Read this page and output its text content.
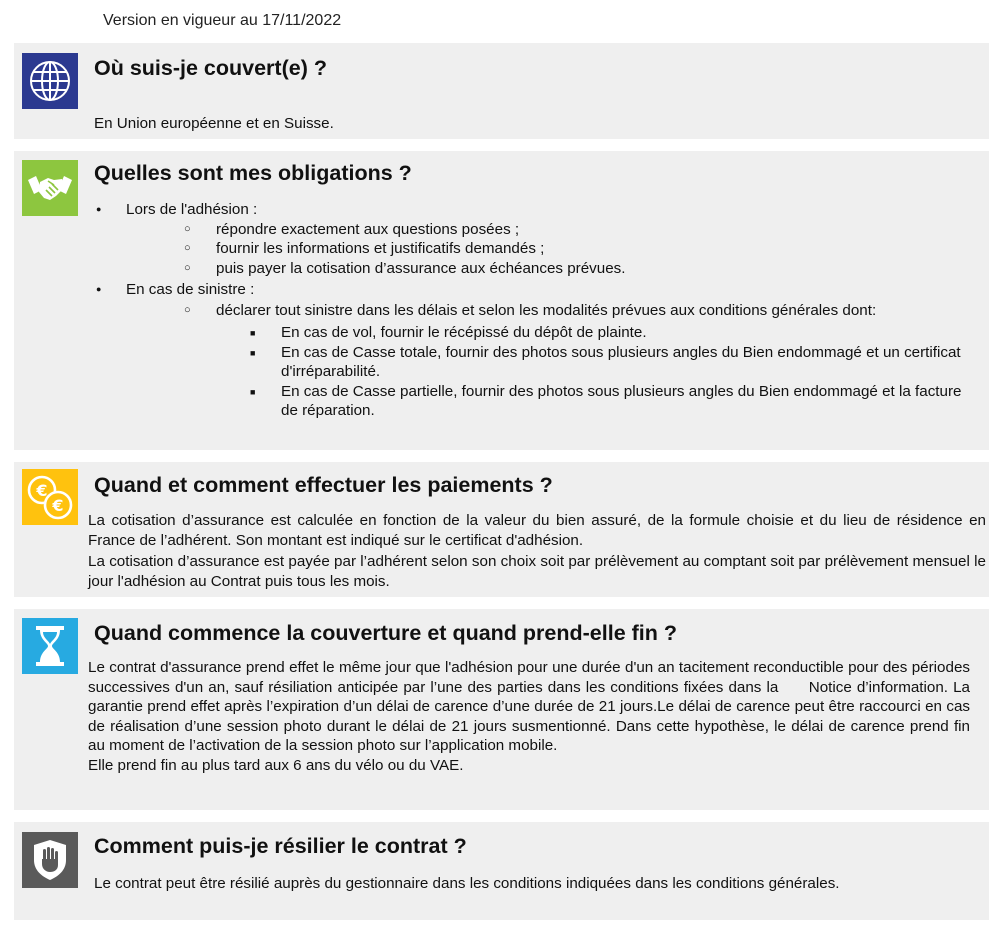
Version en vigueur au 17/11/2022
Où suis-je couvert(e) ?
En Union européenne et en Suisse.
Quelles sont mes obligations ?
● Lors de l'adhésion :
○ répondre exactement aux questions posées ;
○ fournir les informations et justificatifs demandés ;
○ puis payer la cotisation d’assurance aux échéances prévues.
● En cas de sinistre :
○ déclarer tout sinistre dans les délais et selon les modalités prévues aux conditions générales dont:
■ En cas de vol, fournir le récépissé du dépôt de plainte.
■ En cas de Casse totale, fournir des photos sous plusieurs angles du Bien endommagé et un certificat d'irréparabilité.
■ En cas de Casse partielle, fournir des photos sous plusieurs angles du Bien endommagé et la facture de réparation.
€
€
Quand et comment effectuer les paiements ?
La cotisation d’assurance est calculée en fonction de la valeur du bien assuré, de la formule choisie et du lieu de résidence en France de l’adhérent. Son montant est indiqué sur le certificat d'adhésion.
La cotisation d’assurance est payée par l’adhérent selon son choix soit par prélèvement au comptant soit par prélèvement mensuel le jour l'adhésion au Contrat puis tous les mois.
Quand commence la couverture et quand prend-elle fin ?
Le contrat d'assurance prend effet le même jour que l'adhésion pour une durée d'un an tacitement reconductible pour des périodes successives d'un an, sauf résiliation anticipée par l’une des parties dans les conditions fixées dans la      Notice d’information. La garantie prend effet après l’expiration d’un délai de carence d’une durée de 21 jours.Le délai de carence peut être raccourci en cas de réalisation d’une session photo durant le délai de 21 jours susmentionné. Dans cette hypothèse, le délai de carence prend fin au moment de l’activation de la session photo sur l’application mobile.
Elle prend fin au plus tard aux 6 ans du vélo ou du VAE.
Comment puis-je résilier le contrat ?
Le contrat peut être résilié auprès du gestionnaire dans les conditions indiquées dans les conditions générales.
